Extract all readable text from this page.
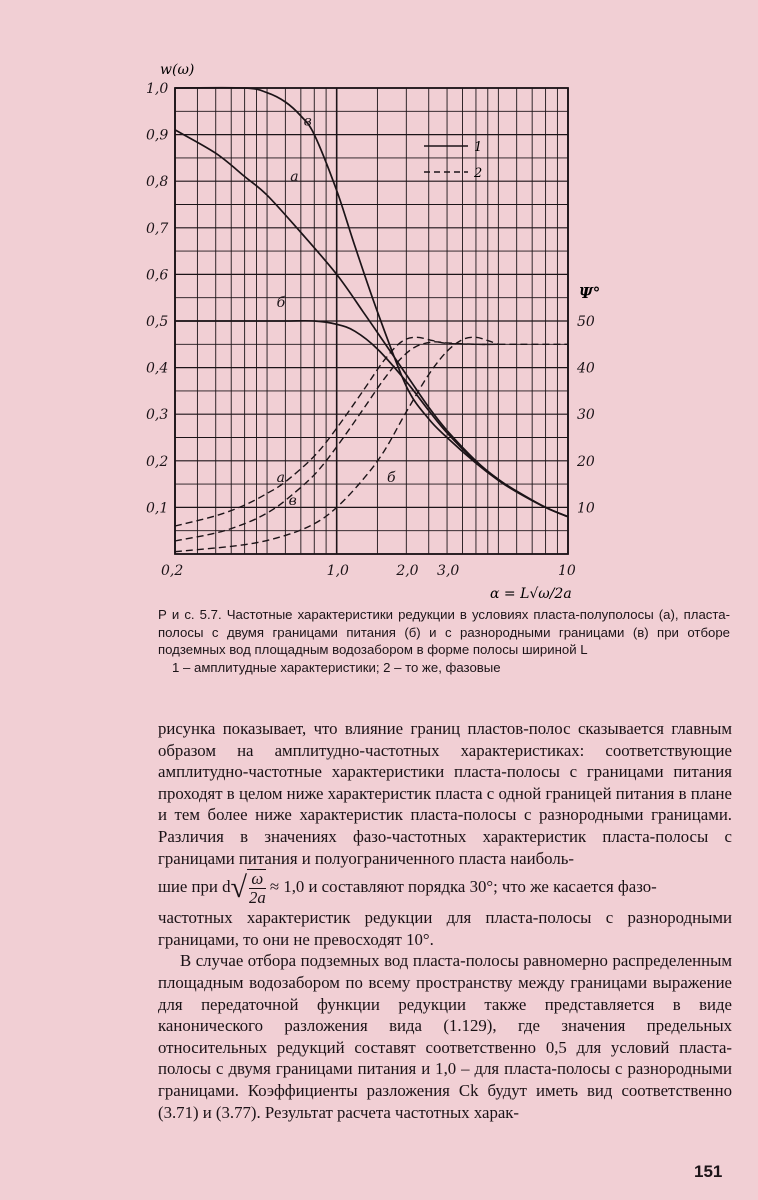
0,1
0,2
0,3
0,4
0,5
0,6
0,7
0,8
0,9
1,0
10
20
30
40
50
0,2	1,0	2,0 3,0	10
в
а
б
а
в
б
w(ω)
Ψ°
α = L√ω/2a
1
2

Р и с. 5.7. Частотные характеристики редукции в условиях пласта-полуполосы (а), пласта-полосы с двумя границами питания (б) и с разнородными границами (в) при отборе подземных вод площадным водозабором в форме полосы шириной L

1 – амплитудные характеристики; 2 – то же, фазовые

рисунка показывает, что влияние границ пластов-полос сказывается главным образом на амплитудно-частотных характеристиках: соответствующие амплитудно-частотные характеристики пласта-полосы с границами питания проходят в целом ниже характеристик пласта с одной границей питания в плане и тем более ниже характеристик пласта-полосы с разнородными границами. Различия в значениях фазо-частотных характеристик пласта-полосы с границами питания и полуограниченного пласта наиболь-

шие при $d√ \frac{\omega}{2a} \approx 1,0$ и составляют порядка 30°; что же касается фазо-

частотных характеристик редукции для пласта-полосы с разнородными границами, то они не превосходят 10°.

В случае отбора подземных вод пласта-полосы равномерно распределенным площадным водозабором по всему пространству между границами выражение для передаточной функции редукции также представляется в виде канонического разложения вида (1.129), где значения предельных относительных редукций составят соответственно 0,5 для условий пласта-полосы с двумя границами питания и 1,0 – для пласта-полосы с разнородными границами. Коэффициенты разложения Ck будут иметь вид соответственно (3.71) и (3.77). Результат расчета частотных харак-

151
